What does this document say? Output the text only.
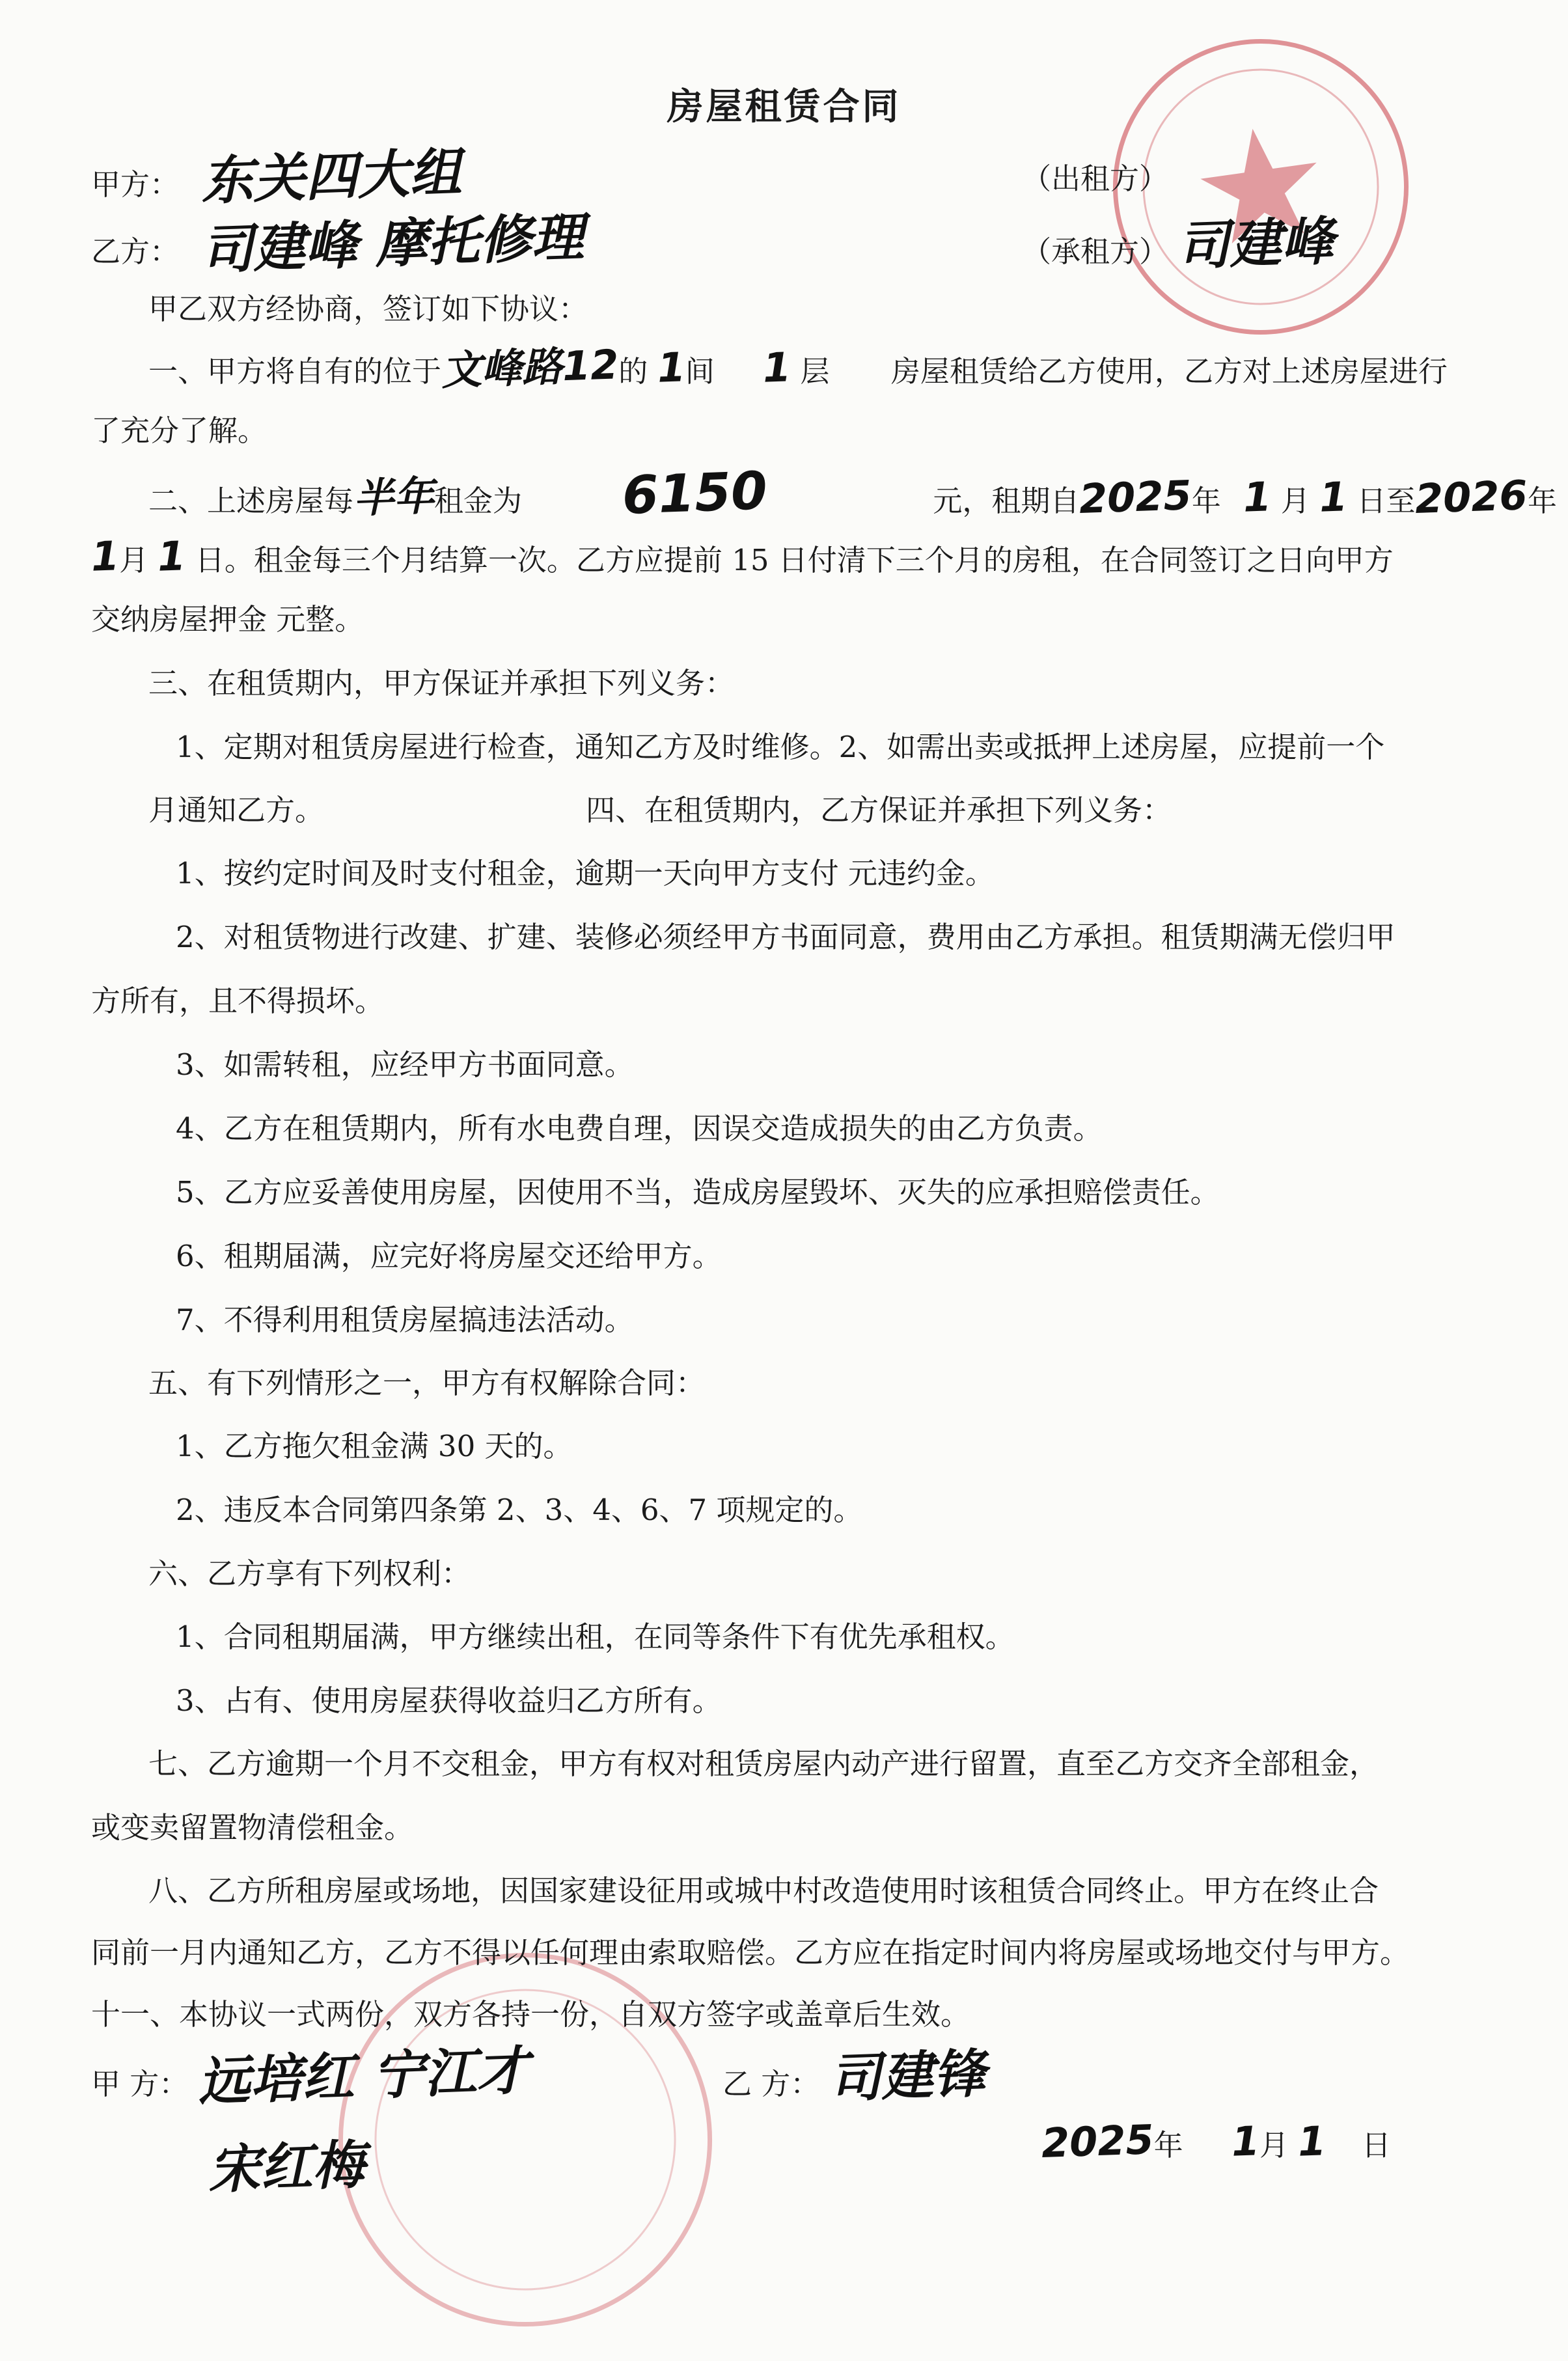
房屋租赁合同
甲方： 东关四大组	（出租方）
乙方： 司建峰 摩托修理	（承租方） 司建峰
甲乙双方经协商，签订如下协议：
一、甲方将自有的位于文峰路12的 1间 1 层 房屋租赁给乙方使用，乙方对上述房屋进行
了充分了解。
二、上述房屋每半年租金为 6150	元，租期自2025年 1 月 1 日至2026年
1月 1 日。租金每三个月结算一次。乙方应提前 15 日付清下三个月的房租，在合同签订之日向甲方
交纳房屋押金 元整。
三、在租赁期内，甲方保证并承担下列义务：
1、定期对租赁房屋进行检查，通知乙方及时维修。2、如需出卖或抵押上述房屋，应提前一个
月通知乙方。	四、在租赁期内，乙方保证并承担下列义务：
1、按约定时间及时支付租金，逾期一天向甲方支付 元违约金。
2、对租赁物进行改建、扩建、装修必须经甲方书面同意，费用由乙方承担。租赁期满无偿归甲
方所有，且不得损坏。
3、如需转租，应经甲方书面同意。
4、乙方在租赁期内，所有水电费自理，因误交造成损失的由乙方负责。
5、乙方应妥善使用房屋，因使用不当，造成房屋毁坏、灭失的应承担赔偿责任。
6、租期届满，应完好将房屋交还给甲方。
7、不得利用租赁房屋搞违法活动。
五、有下列情形之一，甲方有权解除合同：
1、乙方拖欠租金满 30 天的。
2、违反本合同第四条第 2、3、4、6、7 项规定的。
六、乙方享有下列权利：
1、合同租期届满，甲方继续出租，在同等条件下有优先承租权。
3、占有、使用房屋获得收益归乙方所有。
七、乙方逾期一个月不交租金，甲方有权对租赁房屋内动产进行留置，直至乙方交齐全部租金，
或变卖留置物清偿租金。
八、乙方所租房屋或场地，因国家建设征用或城中村改造使用时该租赁合同终止。甲方在终止合
同前一月内通知乙方，乙方不得以任何理由索取赔偿。乙方应在指定时间内将房屋或场地交付与甲方。
十一、本协议一式两份，双方各持一份，自双方签字或盖章后生效。
甲 方： 远培红 宁江才
宋红梅
乙 方： 司建锋
2025年 1月 1 日
